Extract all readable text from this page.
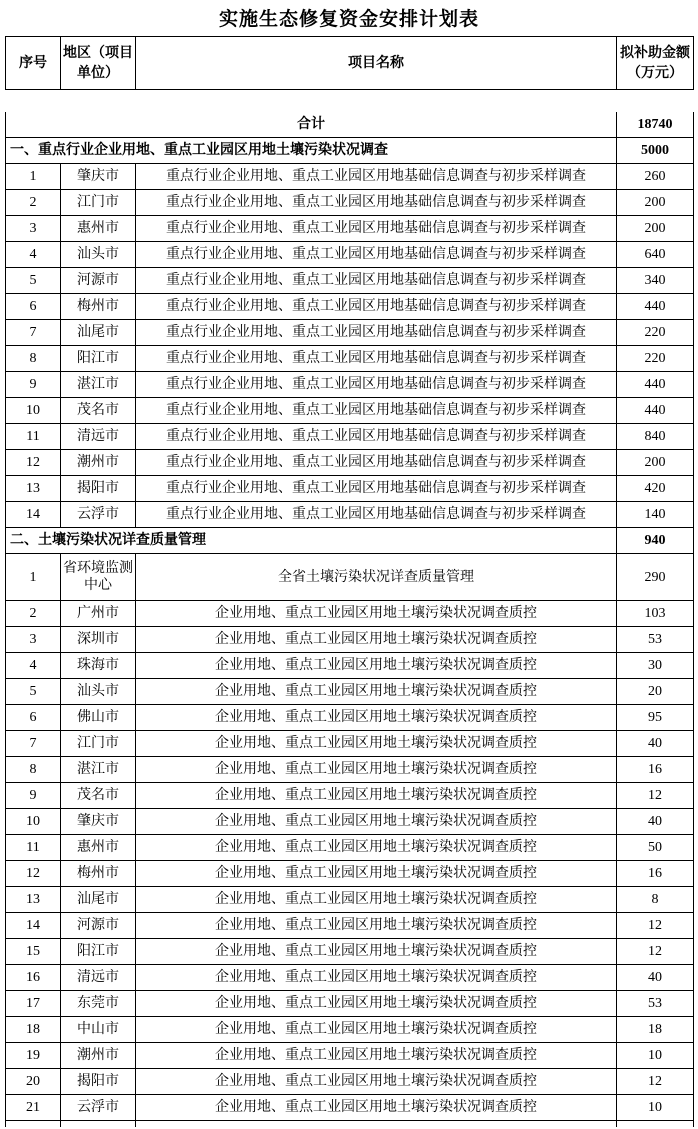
实施生态修复资金安排计划表
序号	地区（项目单位）	项目名称	拟补助金额（万元）
合计			18740
一、重点行业企业用地、重点工业园区用地土壤污染状况调查			5000
1	肇庆市	重点行业企业用地、重点工业园区用地基础信息调查与初步采样调查	260
2	江门市	重点行业企业用地、重点工业园区用地基础信息调查与初步采样调查	200
3	惠州市	重点行业企业用地、重点工业园区用地基础信息调查与初步采样调查	200
4	汕头市	重点行业企业用地、重点工业园区用地基础信息调查与初步采样调查	640
5	河源市	重点行业企业用地、重点工业园区用地基础信息调查与初步采样调查	340
6	梅州市	重点行业企业用地、重点工业园区用地基础信息调查与初步采样调查	440
7	汕尾市	重点行业企业用地、重点工业园区用地基础信息调查与初步采样调查	220
8	阳江市	重点行业企业用地、重点工业园区用地基础信息调查与初步采样调查	220
9	湛江市	重点行业企业用地、重点工业园区用地基础信息调查与初步采样调查	440
10	茂名市	重点行业企业用地、重点工业园区用地基础信息调查与初步采样调查	440
11	清远市	重点行业企业用地、重点工业园区用地基础信息调查与初步采样调查	840
12	潮州市	重点行业企业用地、重点工业园区用地基础信息调查与初步采样调查	200
13	揭阳市	重点行业企业用地、重点工业园区用地基础信息调查与初步采样调查	420
14	云浮市	重点行业企业用地、重点工业园区用地基础信息调查与初步采样调查	140
二、土壤污染状况详查质量管理			940
1	省环境监测中心	全省土壤污染状况详查质量管理	290
2	广州市	企业用地、重点工业园区用地土壤污染状况调查质控	103
3	深圳市	企业用地、重点工业园区用地土壤污染状况调查质控	53
4	珠海市	企业用地、重点工业园区用地土壤污染状况调查质控	30
5	汕头市	企业用地、重点工业园区用地土壤污染状况调查质控	20
6	佛山市	企业用地、重点工业园区用地土壤污染状况调查质控	95
7	江门市	企业用地、重点工业园区用地土壤污染状况调查质控	40
8	湛江市	企业用地、重点工业园区用地土壤污染状况调查质控	16
9	茂名市	企业用地、重点工业园区用地土壤污染状况调查质控	12
10	肇庆市	企业用地、重点工业园区用地土壤污染状况调查质控	40
11	惠州市	企业用地、重点工业园区用地土壤污染状况调查质控	50
12	梅州市	企业用地、重点工业园区用地土壤污染状况调查质控	16
13	汕尾市	企业用地、重点工业园区用地土壤污染状况调查质控	8
14	河源市	企业用地、重点工业园区用地土壤污染状况调查质控	12
15	阳江市	企业用地、重点工业园区用地土壤污染状况调查质控	12
16	清远市	企业用地、重点工业园区用地土壤污染状况调查质控	40
17	东莞市	企业用地、重点工业园区用地土壤污染状况调查质控	53
18	中山市	企业用地、重点工业园区用地土壤污染状况调查质控	18
19	潮州市	企业用地、重点工业园区用地土壤污染状况调查质控	10
20	揭阳市	企业用地、重点工业园区用地土壤污染状况调查质控	12
21	云浮市	企业用地、重点工业园区用地土壤污染状况调查质控	10
